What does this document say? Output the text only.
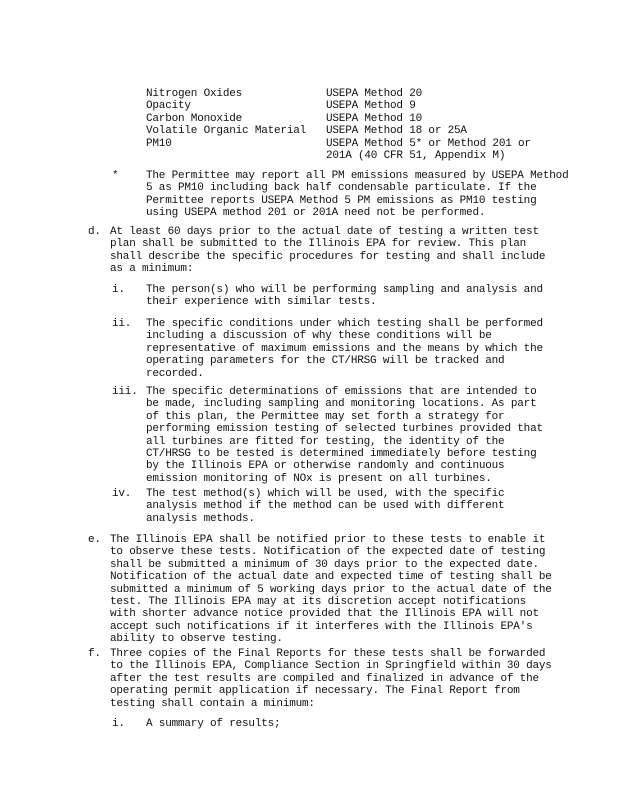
Nitrogen Oxides	USEPA Method 20
Opacity	USEPA Method 9
Carbon Monoxide	USEPA Method 10
Volatile Organic Material	USEPA Method 18 or 25A
PM10	USEPA Method 5* or Method 201 or
201A (40 CFR 51, Appendix M)
*	The Permittee may report all PM emissions measured by USEPA Method 5 as PM10 including back half condensable particulate. If the Permittee reports USEPA Method 5 PM emissions as PM10 testing using USEPA method 201 or 201A need not be performed.

d. At least 60 days prior to the actual date of testing a written test plan shall be submitted to the Illinois EPA for review. This plan shall describe the specific procedures for testing and shall include as a minimum:

i. The person(s) who will be performing sampling and analysis and their experience with similar tests.

ii. The specific conditions under which testing shall be performed including a discussion of why these conditions will be representative of maximum emissions and the means by which the operating parameters for the CT/HRSG will be tracked and recorded.

iii. The specific determinations of emissions that are intended to be made, including sampling and monitoring locations. As part of this plan, the Permittee may set forth a strategy for performing emission testing of selected turbines provided that all turbines are fitted for testing, the identity of the CT/HRSG to be tested is determined immediately before testing by the Illinois EPA or otherwise randomly and continuous emission monitoring of NOx is present on all turbines.

iv. The test method(s) which will be used, with the specific analysis method if the method can be used with different analysis methods.

e. The Illinois EPA shall be notified prior to these tests to enable it to observe these tests. Notification of the expected date of testing shall be submitted a minimum of 30 days prior to the expected date. Notification of the actual date and expected time of testing shall be submitted a minimum of 5 working days prior to the actual date of the test. The Illinois EPA may at its discretion accept notifications with shorter advance notice provided that the Illinois EPA will not accept such notifications if it interferes with the Illinois EPA's ability to observe testing.

f. Three copies of the Final Reports for these tests shall be forwarded to the Illinois EPA, Compliance Section in Springfield within 30 days after the test results are compiled and finalized in advance of the operating permit application if necessary. The Final Report from testing shall contain a minimum:

i. A summary of results;
